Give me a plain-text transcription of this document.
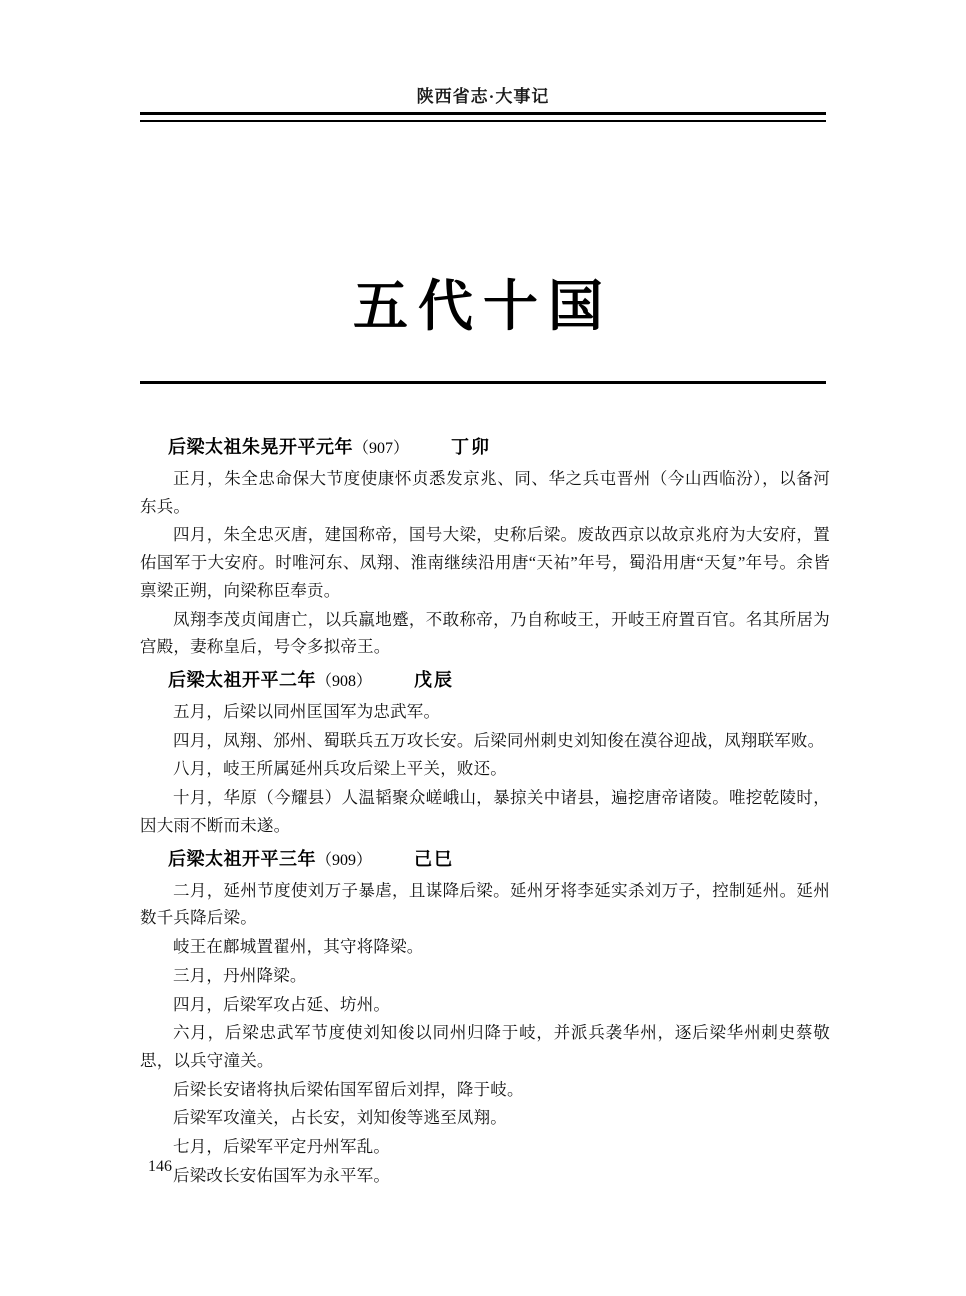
陕西省志·大事记
五代十国
后梁太祖朱晃开平元年（907） 丁卯

正月，朱全忠命保大节度使康怀贞悉发京兆、同、华之兵屯晋州（今山西临汾），以备河东兵。

四月，朱全忠灭唐，建国称帝，国号大梁，史称后梁。废故西京以故京兆府为大安府，置佑国军于大安府。时唯河东、凤翔、淮南继续沿用唐“天祐”年号，蜀沿用唐“天复”年号。余皆禀梁正朔，向梁称臣奉贡。

凤翔李茂贞闻唐亡，以兵羸地蹙，不敢称帝，乃自称岐王，开岐王府置百官。名其所居为宫殿，妻称皇后，号令多拟帝王。

后梁太祖开平二年（908） 戊辰

五月，后梁以同州匡国军为忠武军。

四月，凤翔、邠州、蜀联兵五万攻长安。后梁同州刺史刘知俊在漠谷迎战，凤翔联军败。

八月，岐王所属延州兵攻后梁上平关，败还。

十月，华原（今耀县）人温韬聚众嵯峨山，暴掠关中诸县，遍挖唐帝诸陵。唯挖乾陵时，因大雨不断而未遂。

后梁太祖开平三年（909） 己巳

二月，延州节度使刘万子暴虐，且谋降后梁。延州牙将李延实杀刘万子，控制延州。延州数千兵降后梁。

岐王在鄜城置翟州，其守将降梁。

三月，丹州降梁。

四月，后梁军攻占延、坊州。

六月，后梁忠武军节度使刘知俊以同州归降于岐，并派兵袭华州，逐后梁华州刺史蔡敬思，以兵守潼关。

后梁长安诸将执后梁佑国军留后刘捍，降于岐。

后梁军攻潼关，占长安，刘知俊等逃至凤翔。

七月，后梁军平定丹州军乱。

后梁改长安佑国军为永平军。

146
